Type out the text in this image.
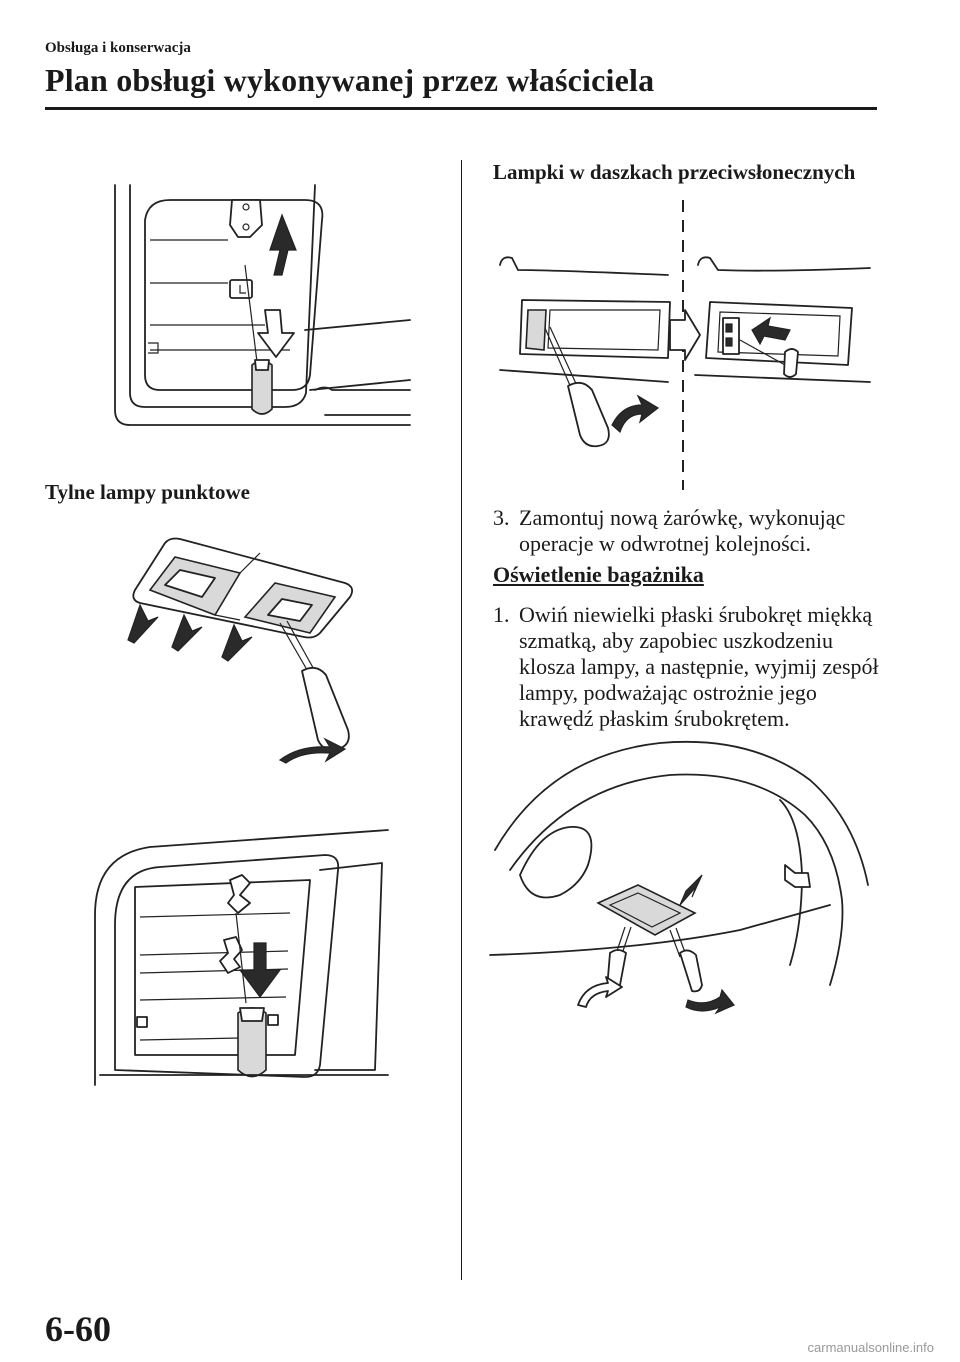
Obsługa i konserwacja
Plan obsługi wykonywanej przez właściciela
Tylne lampy punktowe
Lampki w daszkach przeciwsłonecznych
3. Zamontuj nową żarówkę, wykonując operacje w odwrotnej kolejności.
Oświetlenie bagażnika
1. Owiń niewielki płaski śrubokręt miękką szmatką, aby zapobiec uszkodzeniu klosza lampy, a następnie, wyjmij zespół lampy, podważając ostrożnie jego krawędź płaskim śrubokrętem.
6-60	carmanualsonline.info
